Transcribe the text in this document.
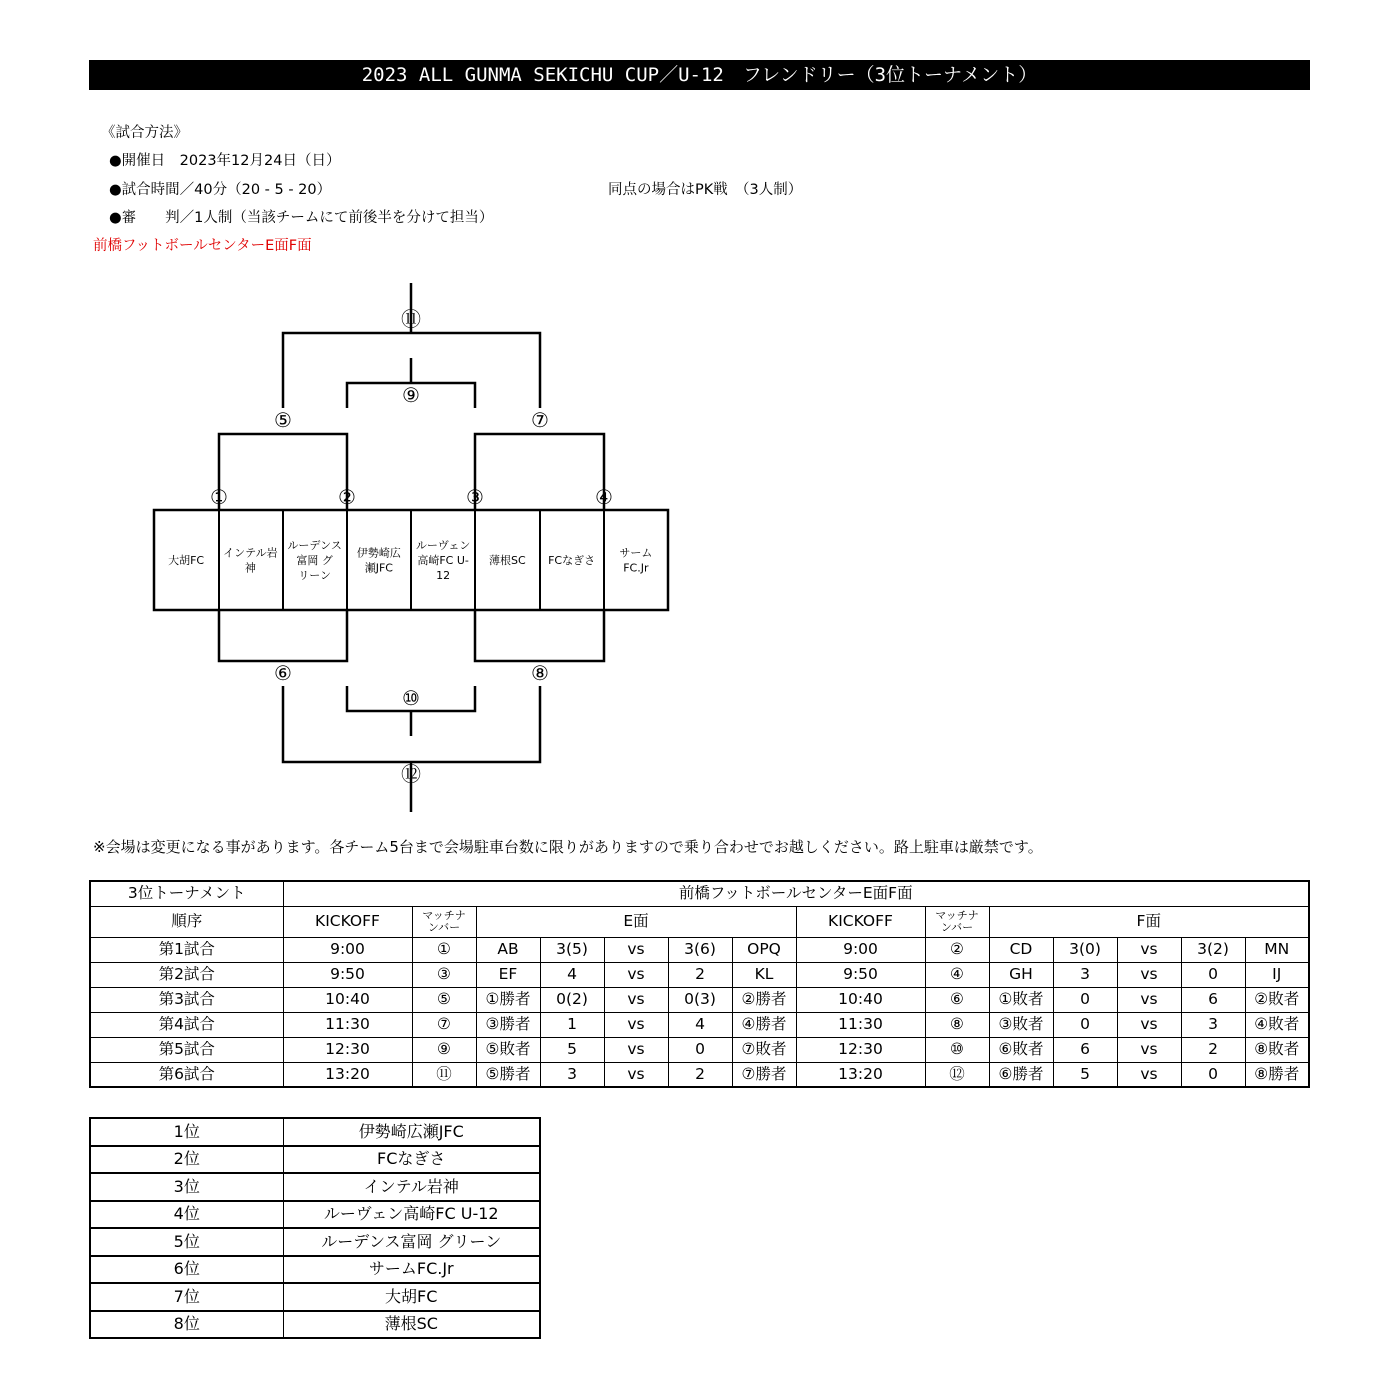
2023 ALL GUNMA SEKICHU CUP／U-12　フレンドリー（3位トーナメント）
《試合方法》
●開催日　2023年12月24日（日）
●試合時間／40分（20 - 5 - 20）	同点の場合はPK戦　（3人制）
●審　　判／1人制（当該チームにて前後半を分けて担当）
前橋フットボールセンターE面F面
①	②	③	④
⑤
⑥
⑦
⑧
⑨
⑩
⑪
⑫
大胡FC
インテル岩神
ルーデンス富岡 グリーン
伊勢崎広瀬JFC
ルーヴェン高崎FC U-12
薄根SC FCなぎさ
サーム FC.Jr
※会場は変更になる事があります。各チーム5台まで会場駐車台数に限りがありますので乗り合わせでお越しください。路上駐車は厳禁です。
3位トーナメント	前橋フットボールセンターE面F面													
順序	KICKOFF	マッチナンバー	E面					KICKOFF	マッチナンバー	F面				
第1試合	9:00	①	AB	3(5)	vs	3(6)	OPQ	9:00	②	CD	3(0)	vs	3(2)	MN
第2試合	9:50	③	EF	4	vs	2	KL	9:50	④	GH	3	vs	0	IJ
第3試合	10:40	⑤	①勝者	0(2)	vs	0(3)	②勝者	10:40	⑥	①敗者	0	vs	6	②敗者
第4試合	11:30	⑦	③勝者	1	vs	4	④勝者	11:30	⑧	③敗者	0	vs	3	④敗者
第5試合	12:30	⑨	⑤敗者	5	vs	0	⑦敗者	12:30	⑩	⑥敗者	6	vs	2	⑧敗者
第6試合	13:20	⑪	⑤勝者	3	vs	2	⑦勝者	13:20	⑫	⑥勝者	5	vs	0	⑧勝者
1位	伊勢崎広瀬JFC
2位	FCなぎさ
3位	インテル岩神
4位	ルーヴェン高崎FC U-12
5位	ルーデンス富岡 グリーン
6位	サームFC.Jr
7位	大胡FC
8位	薄根SC
